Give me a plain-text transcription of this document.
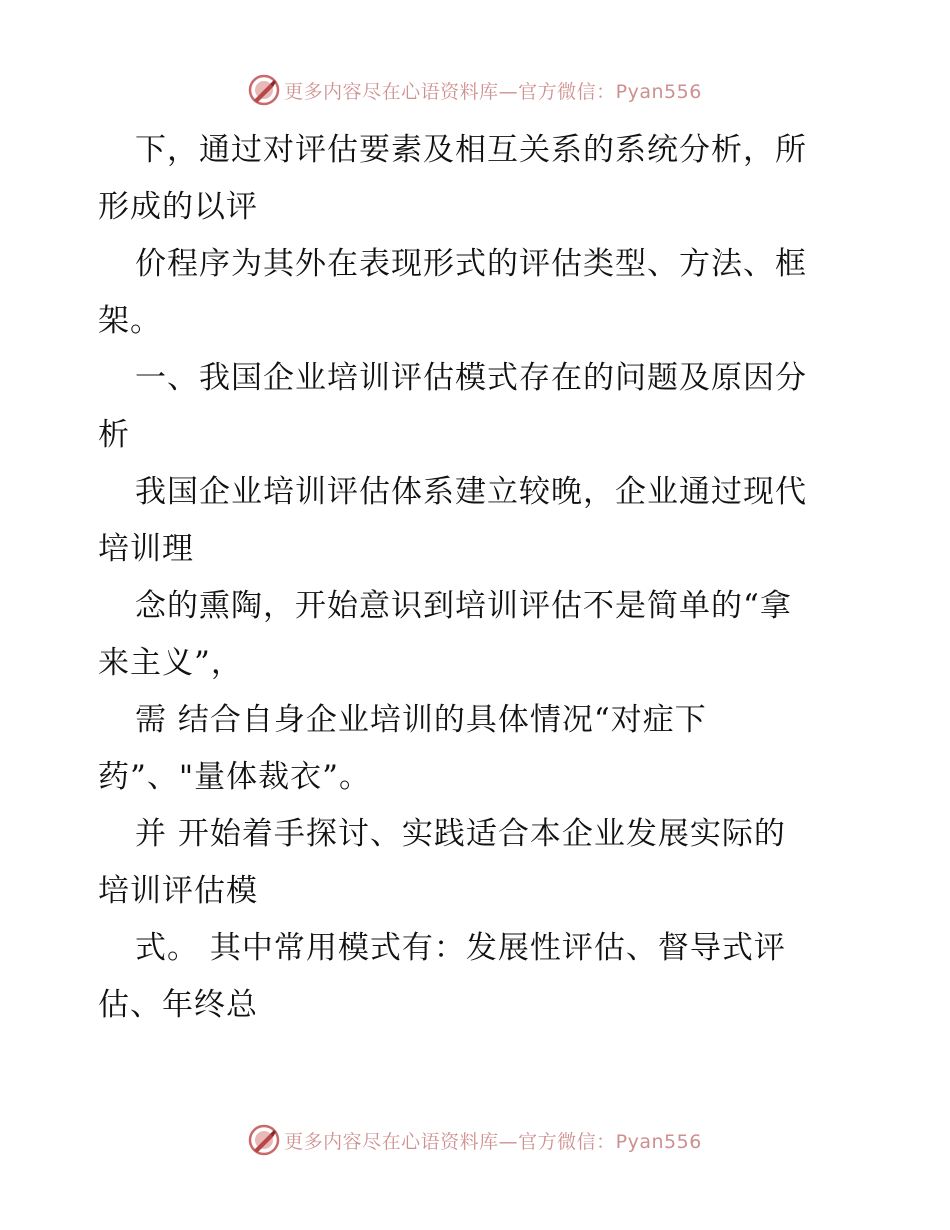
更多内容尽在心语资料库—官方微信：Pyan556

下，通过对评估要素及相互关系的系统分析，所
形成的以评

价程序为其外在表现形式的评估类型、方法、框
架。

一、我国企业培训评估模式存在的问题及原因分
析

我国企业培训评估体系建立较晚，企业通过现代
培训理

念的熏陶，开始意识到培训评估不是简单的“拿
来主义”，

需 结合自身企业培训的具体情况“对症下
药”、"量体裁衣”。

并 开始着手探讨、实践适合本企业发展实际的
培训评估模

式。 其中常用模式有：发展性评估、督导式评
估、年终总

更多内容尽在心语资料库—官方微信：Pyan556
